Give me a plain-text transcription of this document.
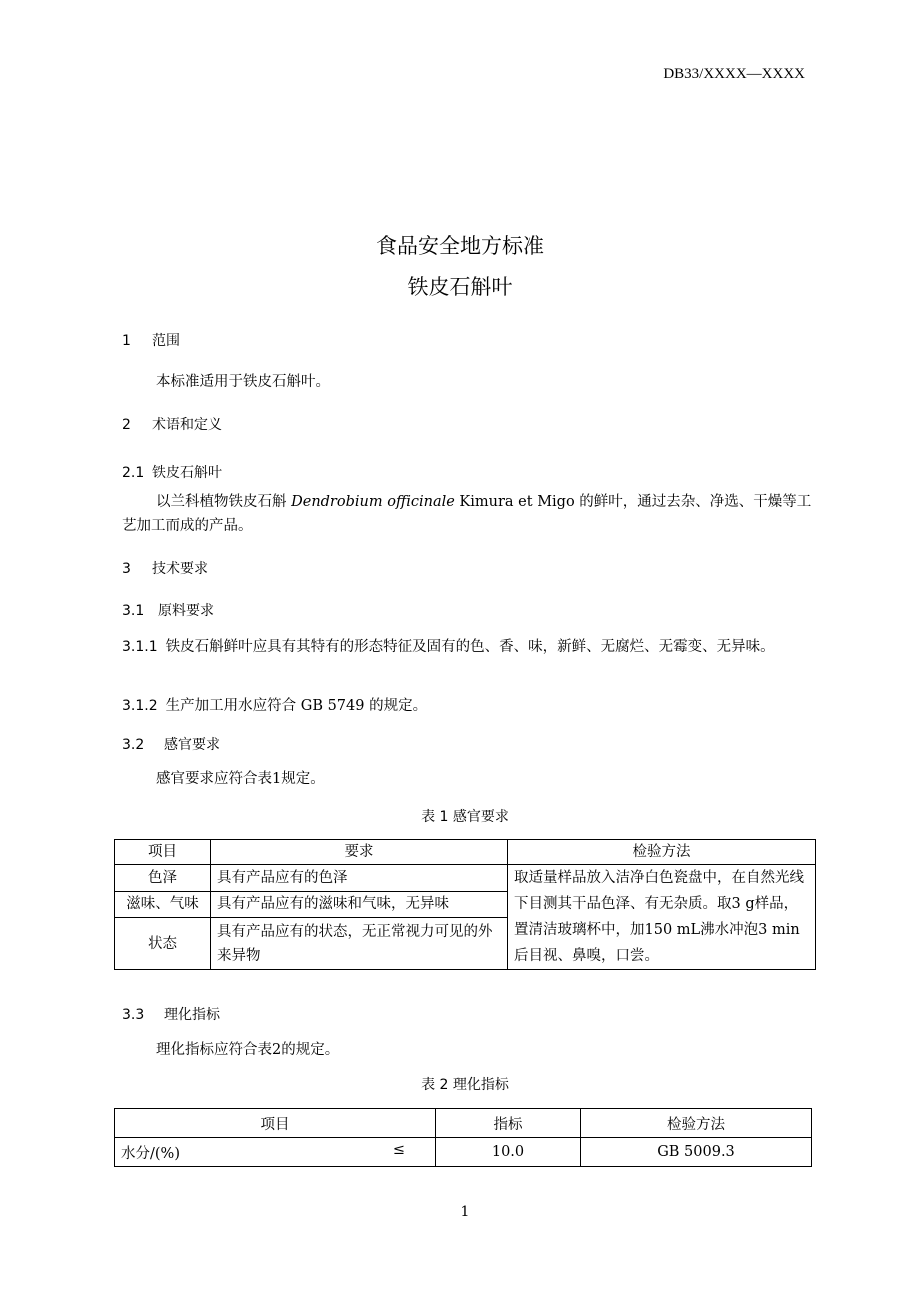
DB33/XXXX—XXXX
食品安全地方标准
铁皮石斛叶
1 范围
本标准适用于铁皮石斛叶。
2 术语和定义
2.1 铁皮石斛叶
以兰科植物铁皮石斛 Dendrobium officinale Kimura et Migo 的鲜叶，通过去杂、净选、干燥等工艺加工而成的产品。
3 技术要求
3.1 原料要求
3.1.1 铁皮石斛鲜叶应具有其特有的形态特征及固有的色、香、味，新鲜、无腐烂、无霉变、无异味。
3.1.2 生产加工用水应符合 GB 5749 的规定。
3.2 感官要求
感官要求应符合表1规定。
表 1 感官要求
项目	要求	检验方法
色泽	具有产品应有的色泽	取适量样品放入洁净白色瓷盘中，在自然光线下目测其干品色泽、有无杂质。取3 g样品，置清洁玻璃杯中，加150 mL沸水冲泡3 min后目视、鼻嗅，口尝。
滋味、气味	具有产品应有的滋味和气味，无异味	
状态	具有产品应有的状态，无正常视力可见的外来异物	
3.3 理化指标
理化指标应符合表2的规定。
表 2 理化指标
项目	指标	检验方法
水分/(%) ≤	10.0	GB 5009.3
1
